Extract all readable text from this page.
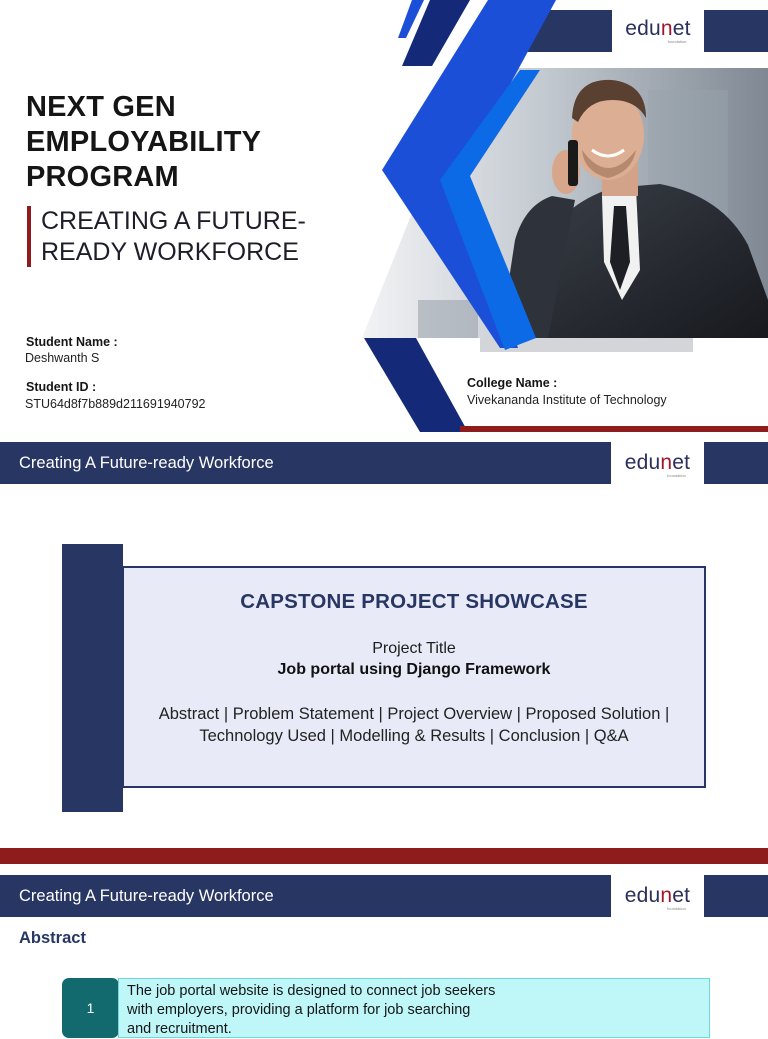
edunet
foundation
NEXT GEN EMPLOYABILITY PROGRAM
CREATING A FUTURE-READY WORKFORCE
Student Name :
Deshwanth S
Student ID :
STU64d8f7b889d211691940792
College Name :
Vivekananda Institute of Technology
Creating A Future-ready Workforce	edunet
foundation
CAPSTONE PROJECT SHOWCASE
Project Title
Job portal using Django Framework
Abstract | Problem Statement | Project Overview | Proposed Solution |
Technology Used | Modelling & Results | Conclusion | Q&A
Creating A Future-ready Workforce	edunet
foundation
Abstract
1
The job portal website is designed to connect job seekers with employers, providing a platform for job searching and recruitment.
